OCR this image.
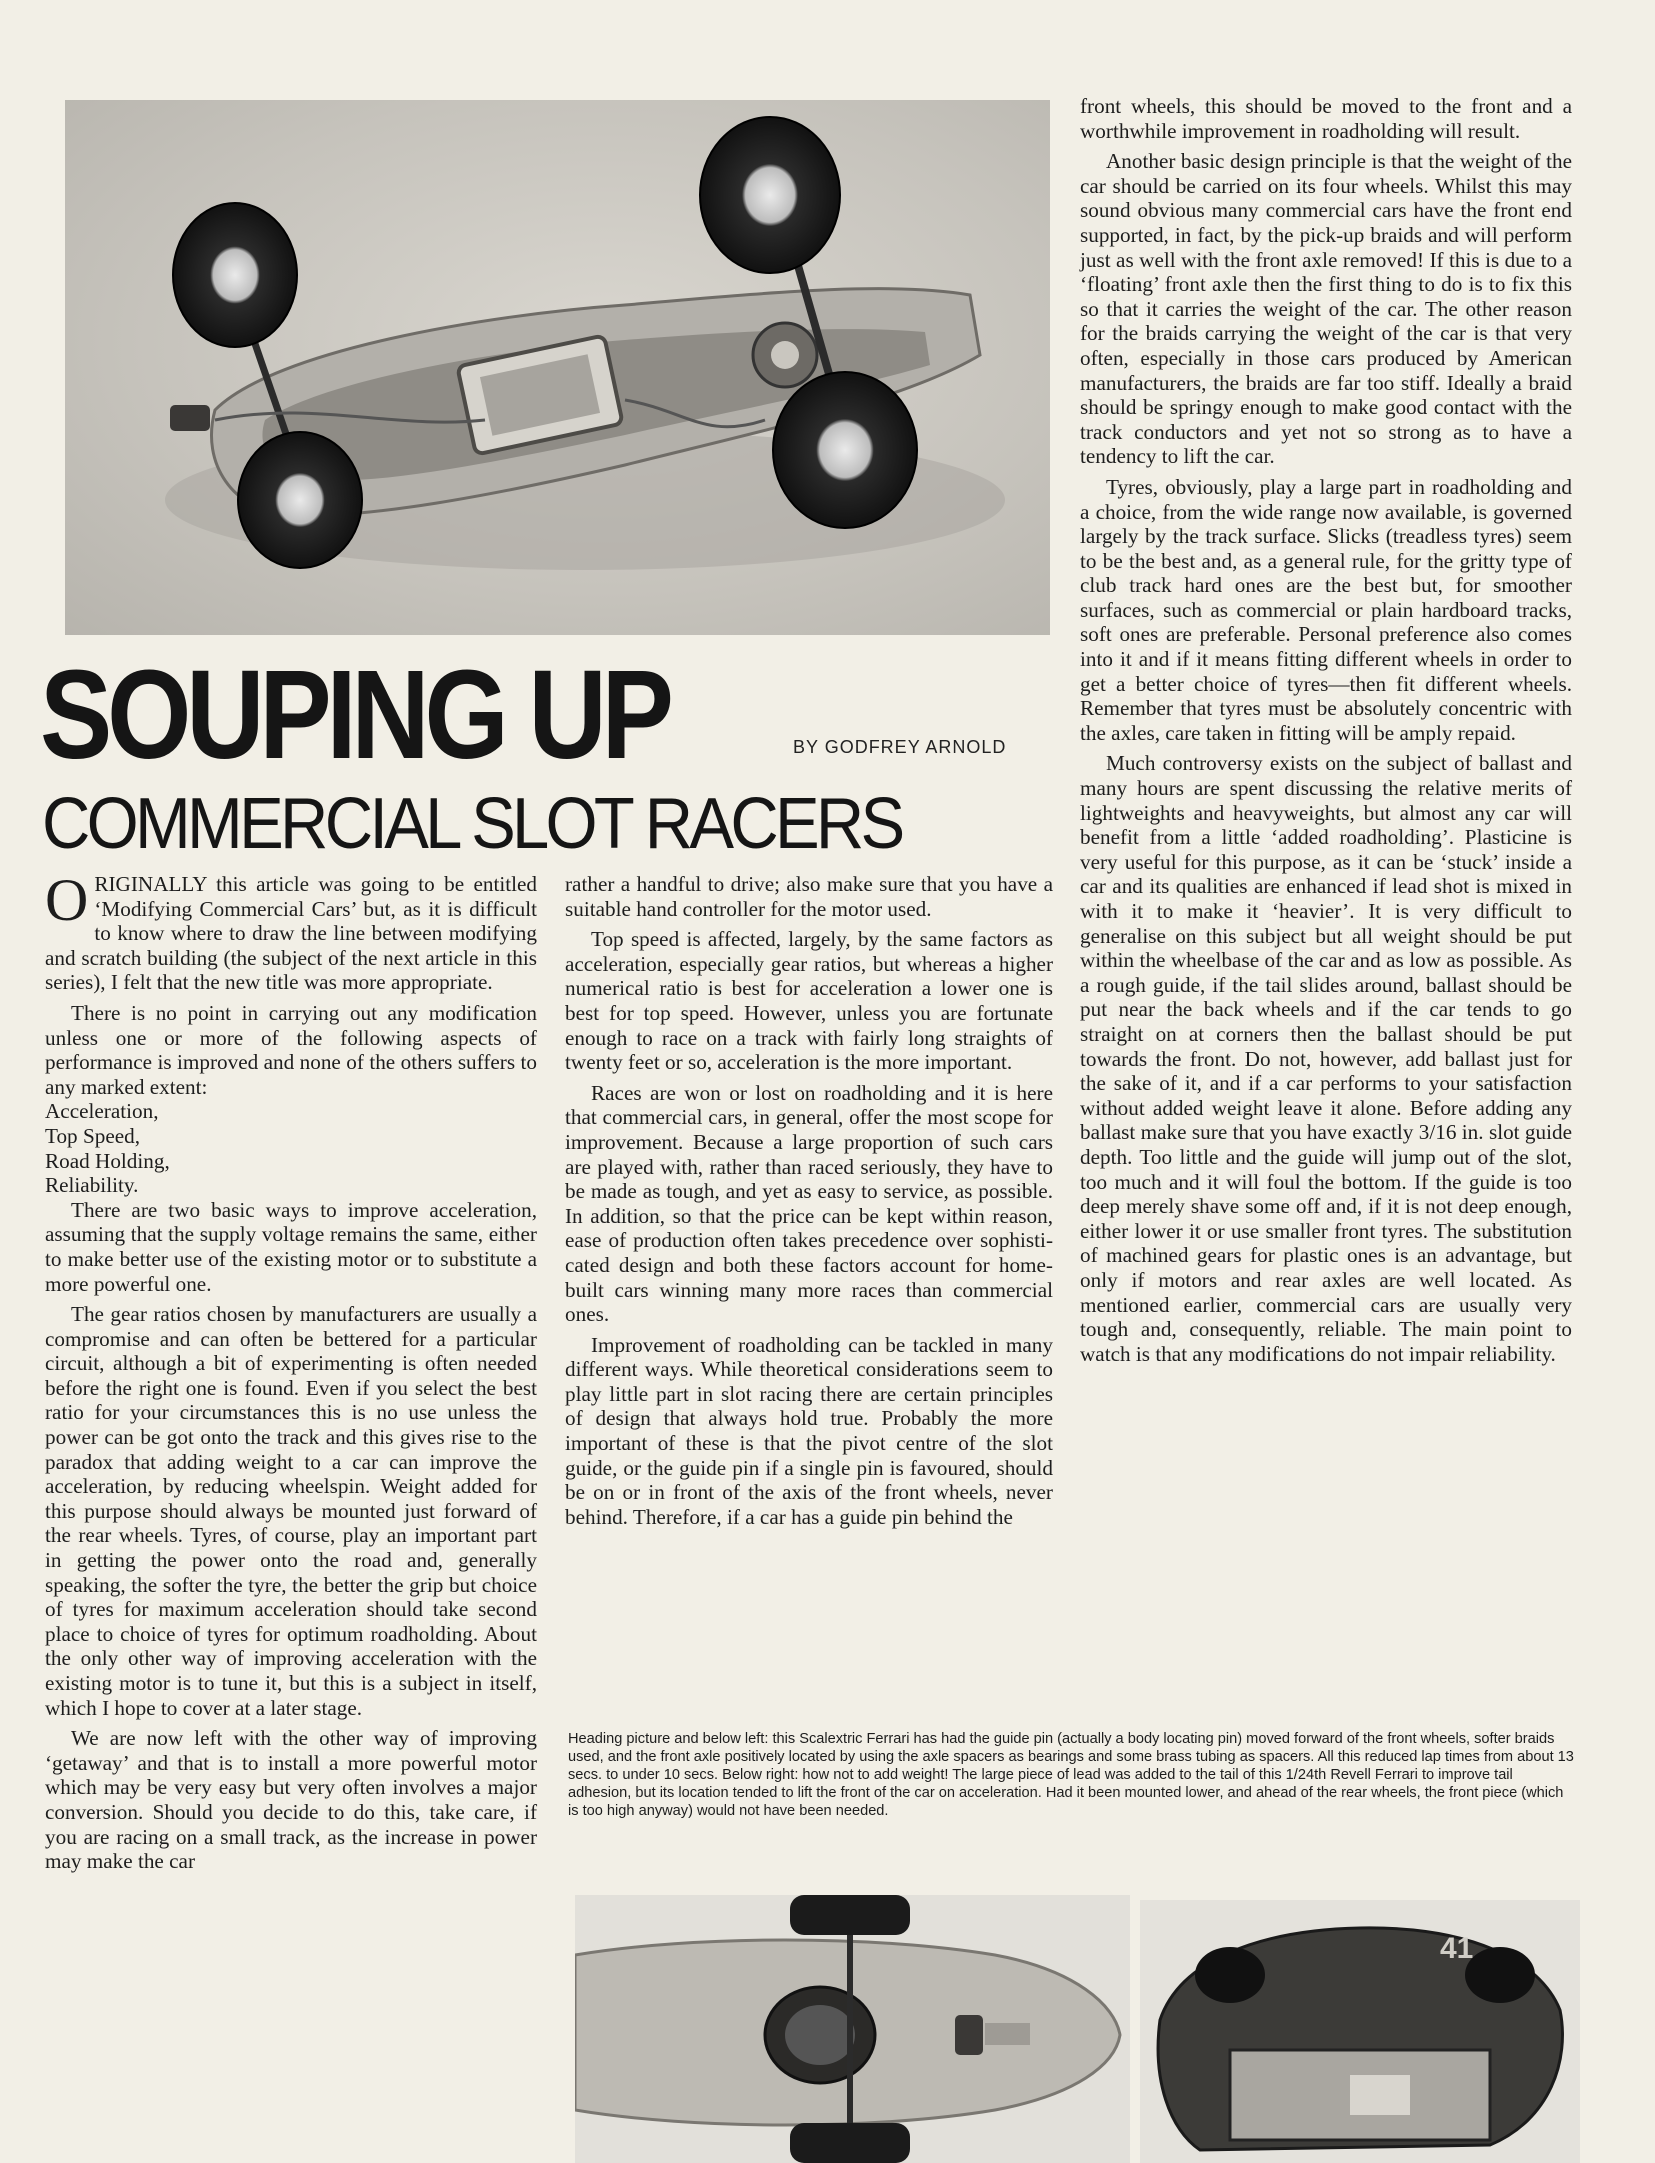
SOUPING UP	BY GODFREY ARNOLD
COMMERCIAL SLOT RACERS

ORIGINALLY this article was going to be entitled ‘Modifying Commercial Cars’ but, as it is difficult to know where to draw the line between modifying and scratch building (the subject of the next article in this series), I felt that the new title was more appropriate.

There is no point in carrying out any modification unless one or more of the following aspects of performance is improved and none of the others suffers to any marked extent:

Acceleration,
Top Speed,
Road Holding,
Reliability.

There are two basic ways to improve acceleration, assuming that the supply voltage remains the same, either to make better use of the existing motor or to substitute a more powerful one.

The gear ratios chosen by manufacturers are usually a compromise and can often be bettered for a particular circuit, although a bit of experimenting is often needed before the right one is found. Even if you select the best ratio for your circumstances this is no use unless the power can be got onto the track and this gives rise to the paradox that adding weight to a car can improve the acceleration, by reducing wheelspin. Weight added for this purpose should always be mounted just forward of the rear wheels. Tyres, of course, play an important part in getting the power onto the road and, generally speaking, the softer the tyre, the better the grip but choice of tyres for maximum acceleration should take second place to choice of tyres for optimum roadholding. About the only other way of improving acceleration with the existing motor is to tune it, but this is a subject in itself, which I hope to cover at a later stage.

We are now left with the other way of improving ‘getaway’ and that is to install a more powerful motor which may be very easy but very often involves a major conversion. Should you decide to do this, take care, if you are racing on a small track, as the increase in power may make the car

rather a handful to drive; also make sure that you have a suitable hand controller for the motor used.

Top speed is affected, largely, by the same factors as acceleration, especially gear ratios, but whereas a higher numerical ratio is best for acceleration a lower one is best for top speed. However, unless you are fortunate enough to race on a track with fairly long straights of twenty feet or so, acceleration is the more important.

Races are won or lost on roadholding and it is here that commercial cars, in general, offer the most scope for improvement. Because a large proportion of such cars are played with, rather than raced seriously, they have to be made as tough, and yet as easy to service, as possible. In addition, so that the price can be kept within reason, ease of production often takes precedence over sophisticated design and both these factors account for home-built cars winning many more races than commercial ones.

Improvement of roadholding can be tackled in many different ways. While theoretical considerations seem to play little part in slot racing there are certain principles of design that always hold true. Probably the more important of these is that the pivot centre of the slot guide, or the guide pin if a single pin is favoured, should be on or in front of the axis of the front wheels, never behind. Therefore, if a car has a guide pin behind the

front wheels, this should be moved to the front and a worthwhile improvement in roadholding will result.

Another basic design principle is that the weight of the car should be carried on its four wheels. Whilst this may sound obvious many commercial cars have the front end supported, in fact, by the pick-up braids and will perform just as well with the front axle removed! If this is due to a ‘floating’ front axle then the first thing to do is to fix this so that it carries the weight of the car. The other reason for the braids carrying the weight of the car is that very often, especially in those cars produced by American manufacturers, the braids are far too stiff. Ideally a braid should be springy enough to make good contact with the track conductors and yet not so strong as to have a tendency to lift the car.

Tyres, obviously, play a large part in roadholding and a choice, from the wide range now available, is governed largely by the track surface. Slicks (treadless tyres) seem to be the best and, as a general rule, for the gritty type of club track hard ones are the best but, for smoother surfaces, such as commercial or plain hardboard tracks, soft ones are preferable. Personal preference also comes into it and if it means fitting different wheels in order to get a better choice of tyres—then fit different wheels. Remember that tyres must be absolutely concentric with the axles, care taken in fitting will be amply repaid.

Much controversy exists on the subject of ballast and many hours are spent discussing the relative merits of lightweights and heavyweights, but almost any car will benefit from a little ‘added roadholding’. Plasticine is very useful for this purpose, as it can be ‘stuck’ inside a car and its qualities are enhanced if lead shot is mixed in with it to make it ‘heavier’. It is very difficult to generalise on this subject but all weight should be put within the wheelbase of the car and as low as possible. As a rough guide, if the tail slides around, ballast should be put near the back wheels and if the car tends to go straight on at corners then the ballast should be put towards the front. Do not, however, add ballast just for the sake of it, and if a car performs to your satisfaction without added weight leave it alone. Before adding any ballast make sure that you have exactly 3/16 in. slot guide depth. Too little and the guide will jump out of the slot, too much and it will foul the bottom. If the guide is too deep merely shave some off and, if it is not deep enough, either lower it or use smaller front tyres. The substitution of machined gears for plastic ones is an advantage, but only if motors and rear axles are well located. As mentioned earlier, commercial cars are usually very tough and, consequently, reliable. The main point to watch is that any modifications do not impair reliability.

Heading picture and below left: this Scalextric Ferrari has had the guide pin (actually a body locating pin) moved forward of the front wheels, softer braids used, and the front axle positively located by using the axle spacers as bearings and some brass tubing as spacers. All this reduced lap times from about 13 secs. to under 10 secs. Below right: how not to add weight! The large piece of lead was added to the tail of this 1/24th Revell Ferrari to improve tail adhesion, but its location tended to lift the front of the car on acceleration. Had it been mounted lower, and ahead of the rear wheels, the front piece (which is too high anyway) would not have been needed.
41
